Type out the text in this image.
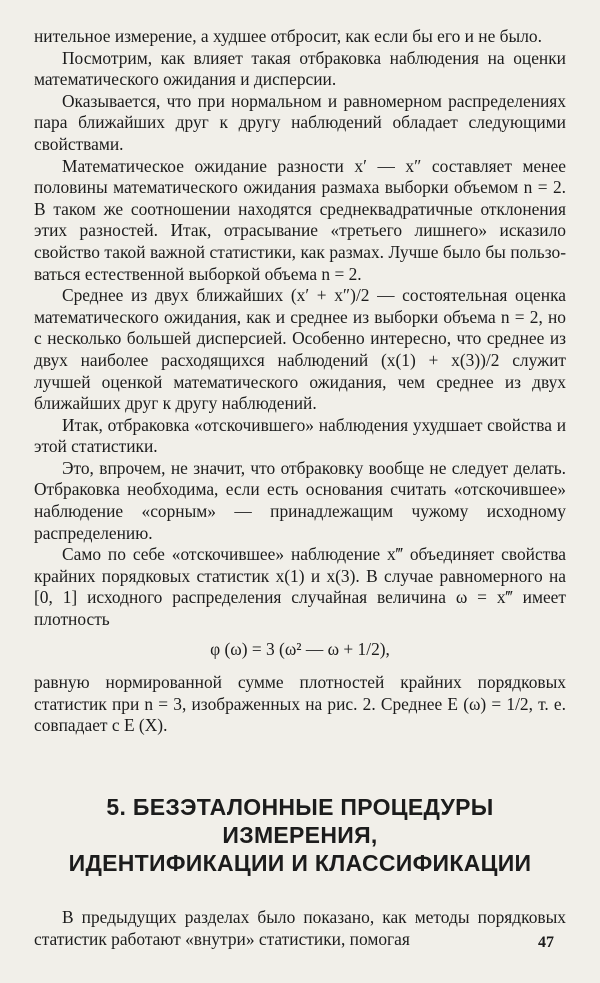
нительное измерение, а худшее отбросит, как если бы его и не было.

Посмотрим, как влияет такая отбраковка наблюдения на оценки математического ожидания и дисперсии.

Оказывается, что при нормальном и равномерном распределениях пара ближайших друг к другу наблюдений обладает следующими свойствами.

Математическое ожидание разности x′ — x″ составляет менее половины математического ожидания размаха выборки объемом n = 2. В таком же соотношении находятся среднеквадратичные отклонения этих разностей. Итак, отрасывание «третьего лишнего» исказило свойство такой важной статистики, как размах. Лучше было бы пользоваться естественной выборкой объема n = 2.

Среднее из двух ближайших (x′ + x″)/2 — состоятельная оценка математического ожидания, как и среднее из выборки объема n = 2, но с несколько большей дисперсией. Особенно интересно, что среднее из двух наиболее расходящихся наблюдений (x(1) + x(3))/2 служит лучшей оценкой математического ожидания, чем среднее из двух ближайших друг к другу наблюдений.

Итак, отбраковка «отскочившего» наблюдения ухудшает свойства и этой статистики.

Это, впрочем, не значит, что отбраковку вообще не следует делать. Отбраковка необходима, если есть основания считать «отскочившее» наблюдение «сорным» — принадлежащим чужому исходному распределению.

Само по себе «отскочившее» наблюдение x‴ объединяет свойства крайних порядковых статистик x(1) и x(3). В случае равномерного на [0, 1] исходного распределения случайная величина ω = x‴ имеет плотность

φ (ω) = 3 (ω² — ω + 1/2),

равную нормированной сумме плотностей крайних порядковых статистик при n = 3, изображенных на рис. 2. Среднее E (ω) = 1/2, т. е. совпадает с E (X).

5. БЕЗЭТАЛОННЫЕ ПРОЦЕДУРЫ ИЗМЕРЕНИЯ,
ИДЕНТИФИКАЦИИ И КЛАССИФИКАЦИИ

В предыдущих разделах было показано, как методы порядковых статистик работают «внутри» статистики, помогая	47
